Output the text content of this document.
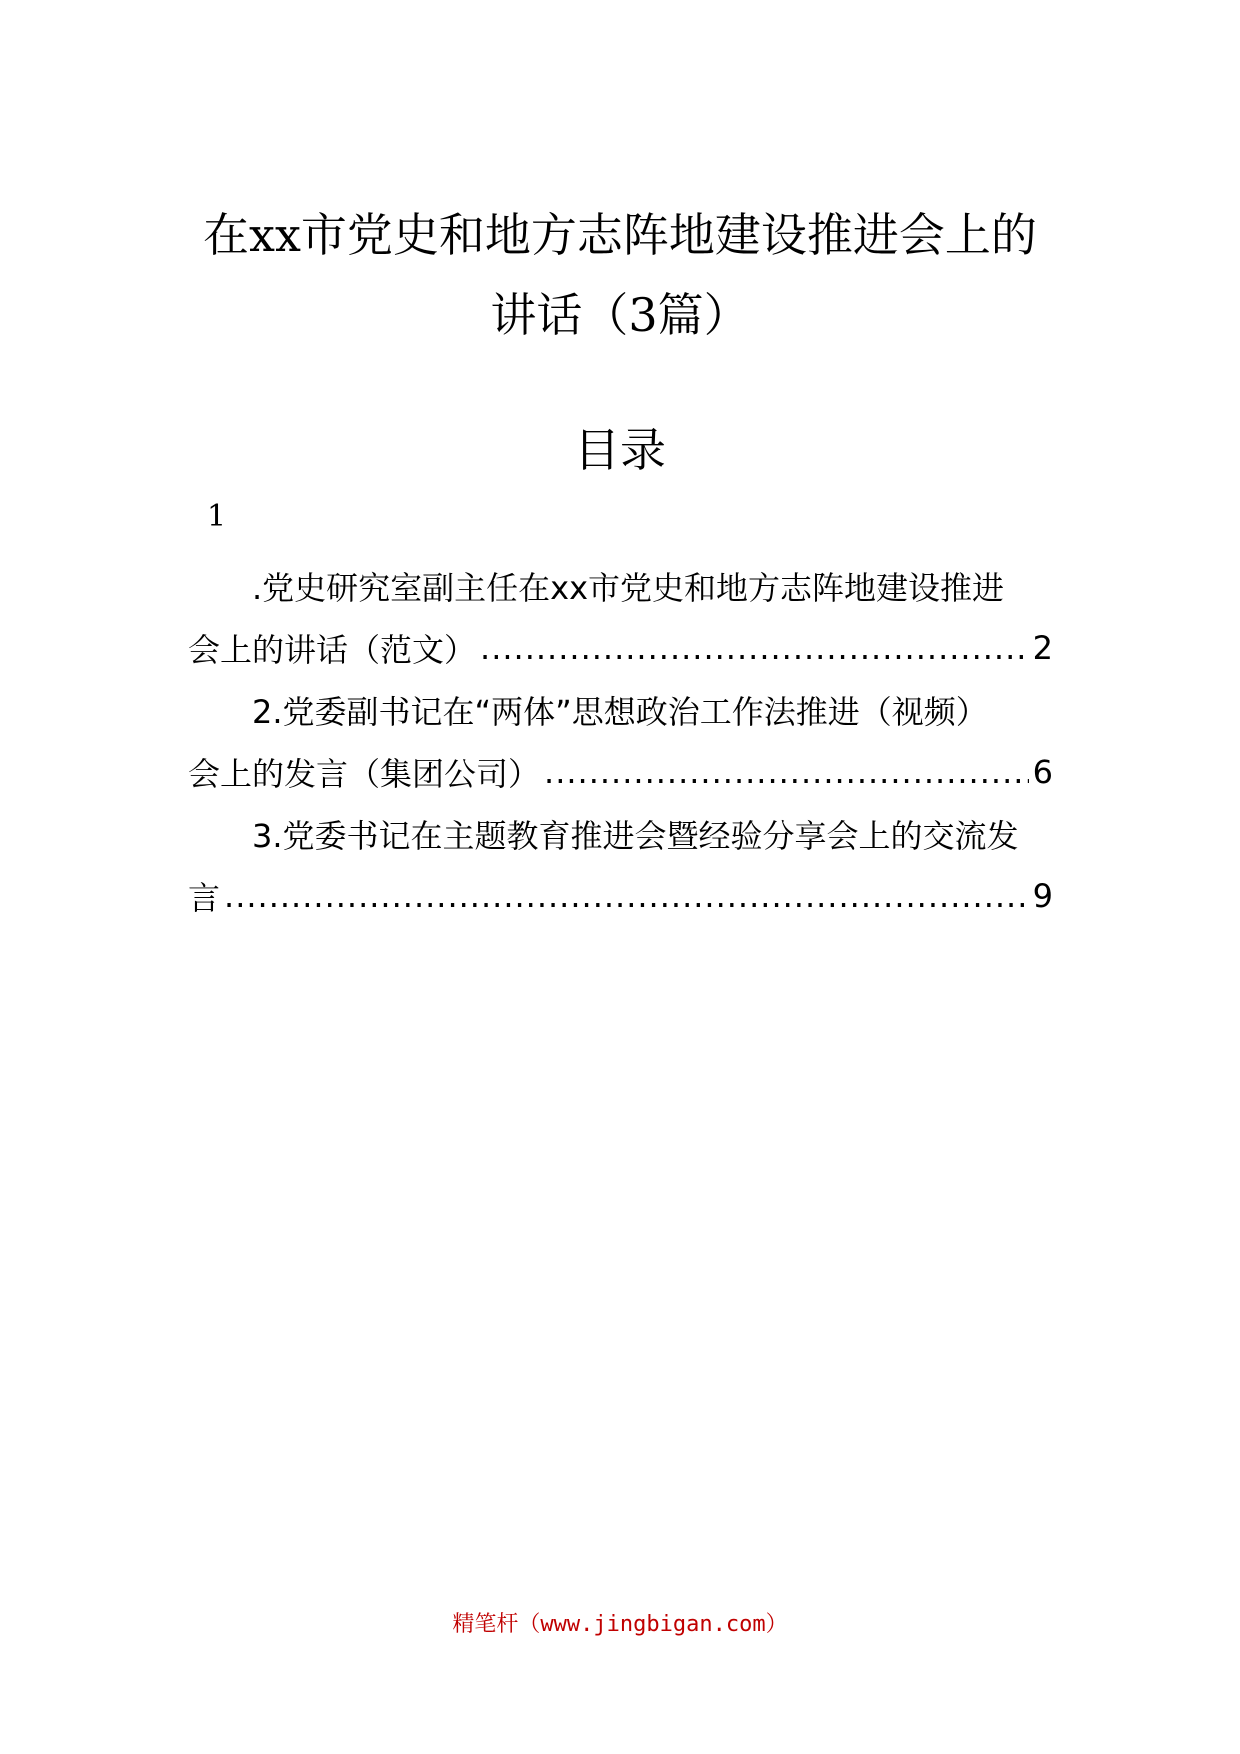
在xx市党史和地方志阵地建设推进会上的
讲话（3篇）
目录
1
.党史研究室副主任在xx市党史和地方志阵地建设推进
会上的讲话（范文） .....	2
2.党委副书记在“两体”思想政治工作法推进（视频）
会上的发言（集团公司） .....	6
3.党委书记在主题教育推进会暨经验分享会上的交流发
言 .....	9
精笔杆（www.jingbigan.com）
